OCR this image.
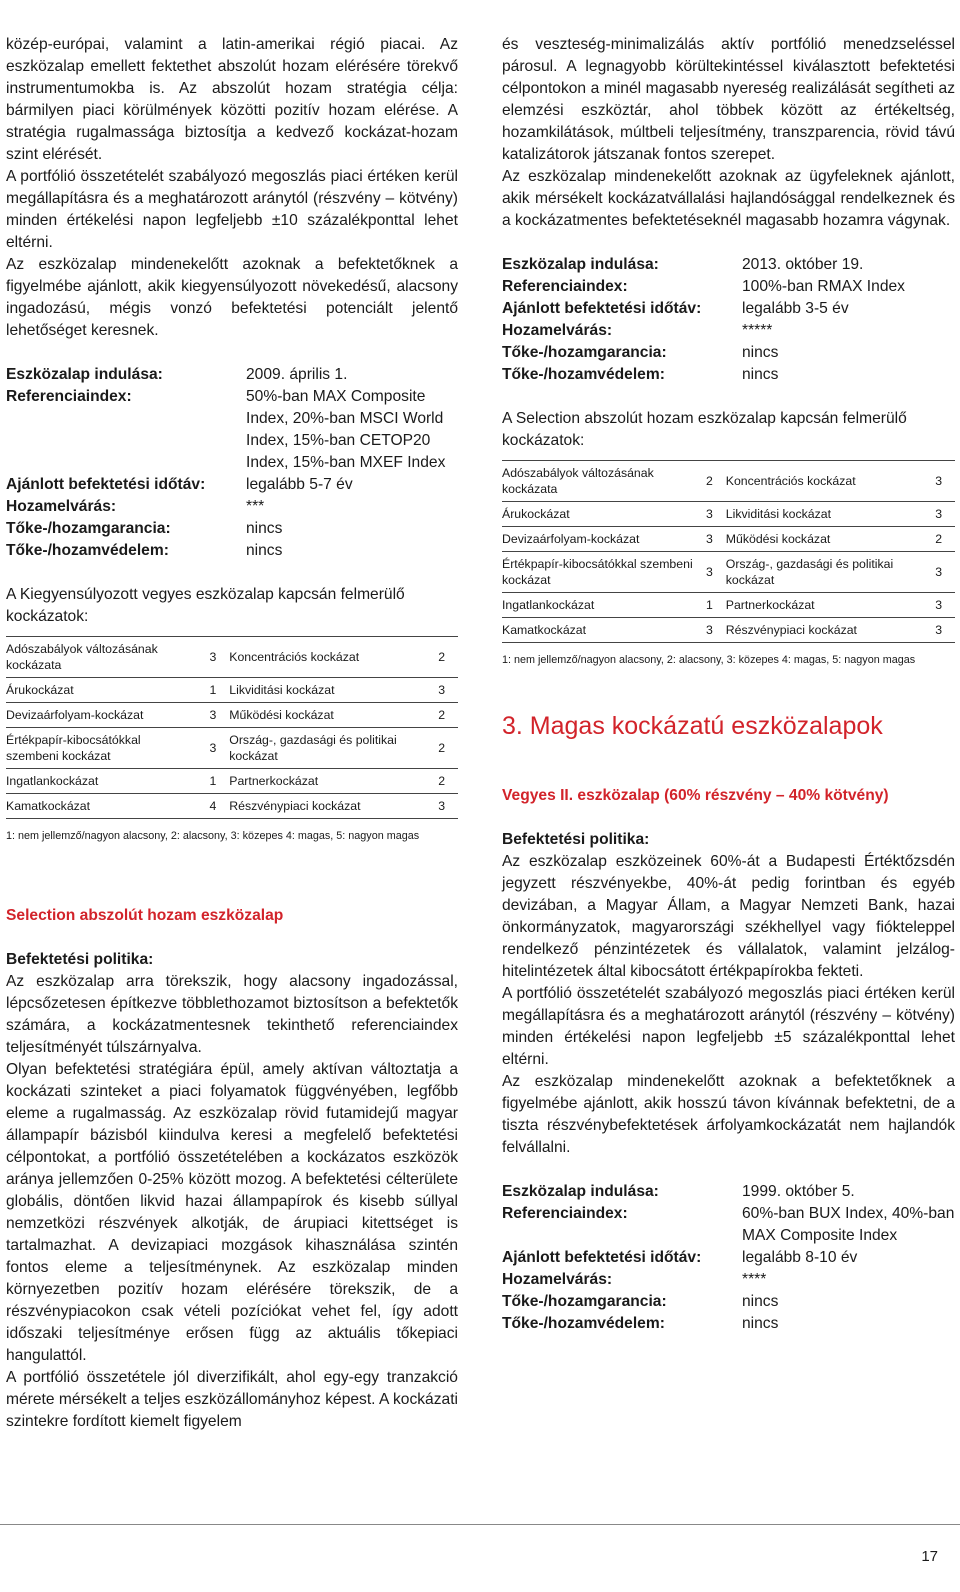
közép-európai, valamint a latin-amerikai régió piacai. Az eszközalap emellett fektethet abszolút hozam elérésére törekvő instrumentumokba is. Az abszolút hozam stratégia célja: bármilyen piaci körülmények közötti pozitív hozam elérése. A stratégia rugalmassága biztosítja a kedvező kockázat-hozam szint elérését.

A portfólió összetételét szabályozó megoszlás piaci értéken kerül megállapításra és a meghatározott aránytól (részvény – kötvény) minden értékelési napon legfeljebb ±10 százalékponttal lehet eltérni.

Az eszközalap mindenekelőtt azoknak a befektetőknek a figyelmébe ajánlott, akik kiegyensúlyozott növekedésű, alacsony ingadozású, mégis vonzó befektetési potenciált jelentő lehetőséget keresnek.

Eszközalap indulása:	2009. április 1.
Referenciaindex:	50%-ban MAX Composite Index, 20%-ban MSCI World Index, 15%-ban CETOP20 Index, 15%-ban MXEF Index
Ajánlott befektetési időtáv:	legalább 5-7 év
Hozamelvárás:	***
Tőke-/hozamgarancia:	nincs
Tőke-/hozamvédelem:	nincs

A Kiegyensúlyozott vegyes eszközalap kapcsán felmerülő kockázatok:

Adószabályok változásának kockázata	3	Koncentrációs kockázat	2
Árukockázat	1	Likviditási kockázat	3
Devizaárfolyam-kockázat	3	Működési kockázat	2
Értékpapír-kibocsátókkal szembeni kockázat	3	Ország-, gazdasági és politikai kockázat	2
Ingatlankockázat	1	Partnerkockázat	2
Kamatkockázat	4	Részvénypiaci kockázat	3

1: nem jellemző/nagyon alacsony, 2: alacsony, 3: közepes 4: magas, 5: nagyon magas

Selection abszolút hozam eszközalap

Befektetési politika:

Az eszközalap arra törekszik, hogy alacsony ingadozással, lépcsőzetesen építkezve többlethozamot biztosítson a befektetők számára, a kockázatmentesnek tekinthető referenciaindex teljesítményét túlszárnyalva.

Olyan befektetési stratégiára épül, amely aktívan változtatja a kockázati szinteket a piaci folyamatok függvényében, legfőbb eleme a rugalmasság. Az eszközalap rövid futamidejű magyar állampapír bázisból kiindulva keresi a megfelelő befektetési célpontokat, a portfólió összetételében a kockázatos eszközök aránya jellemzően 0-25% között mozog. A befektetési célterülete globális, döntően likvid hazai állampapírok és kisebb súllyal nemzetközi részvények alkotják, de árupiaci kitettséget is tartalmazhat. A devizapiaci mozgások kihasználása szintén fontos eleme a teljesítménynek. Az eszközalap minden környezetben pozitív hozam elérésére törekszik, de a részvénypiacokon csak vételi pozíciókat vehet fel, így adott időszaki teljesítménye erősen függ az aktuális tőkepiaci hangulattól.

A portfólió összetétele jól diverzifikált, ahol egy-egy tranzakció mérete mérsékelt a teljes eszközállományhoz képest. A kockázati szintekre fordított kiemelt figyelem

és veszteség-minimalizálás aktív portfólió menedzseléssel párosul. A legnagyobb körültekintéssel kiválasztott befektetési célpontokon a minél magasabb nyereség realizálását segítheti az elemzési eszköztár, ahol többek között az értékeltség, hozamkilátások, múltbeli teljesítmény, transzparencia, rövid távú katalizátorok játszanak fontos szerepet.

Az eszközalap mindenekelőtt azoknak az ügyfeleknek ajánlott, akik mérsékelt kockázatvállalási hajlandósággal rendelkeznek és a kockázatmentes befektetéseknél magasabb hozamra vágynak.

Eszközalap indulása:	2013. október 19.
Referenciaindex:	100%-ban RMAX Index
Ajánlott befektetési időtáv:	legalább 3-5 év
Hozamelvárás:	*****
Tőke-/hozamgarancia:	nincs
Tőke-/hozamvédelem:	nincs

A Selection abszolút hozam eszközalap kapcsán felmerülő kockázatok:

Adószabályok változásának kockázata	2	Koncentrációs kockázat	3
Árukockázat	3	Likviditási kockázat	3
Devizaárfolyam-kockázat	3	Működési kockázat	2
Értékpapír-kibocsátókkal szembeni kockázat	3	Ország-, gazdasági és politikai kockázat	3
Ingatlankockázat	1	Partnerkockázat	3
Kamatkockázat	3	Részvénypiaci kockázat	3

1: nem jellemző/nagyon alacsony, 2: alacsony, 3: közepes 4: magas, 5: nagyon magas

3. Magas kockázatú eszközalapok

Vegyes II. eszközalap (60% részvény – 40% kötvény)

Befektetési politika:

Az eszközalap eszközeinek 60%-át a Budapesti Értéktőzsdén jegyzett részvényekbe, 40%-át pedig forintban és egyéb devizában, a Magyar Állam, a Magyar Nemzeti Bank, hazai önkormányzatok, magyarországi székhellyel vagy fiókteleppel rendelkező pénzintézetek és vállalatok, valamint jelzálog-hitelintézetek által kibocsátott értékpapírokba fekteti.

A portfólió összetételét szabályozó megoszlás piaci értéken kerül megállapításra és a meghatározott aránytól (részvény – kötvény) minden értékelési napon legfeljebb ±5 százalékponttal lehet eltérni.

Az eszközalap mindenekelőtt azoknak a befektetőknek a figyelmébe ajánlott, akik hosszú távon kívánnak befektetni, de a tiszta részvénybefektetések árfolyamkockázatát nem hajlandók felvállalni.

Eszközalap indulása:	1999. október 5.
Referenciaindex:	60%-ban BUX Index, 40%-ban MAX Composite Index
Ajánlott befektetési időtáv:	legalább 8-10 év
Hozamelvárás:	****
Tőke-/hozamgarancia:	nincs
Tőke-/hozamvédelem:	nincs
17
